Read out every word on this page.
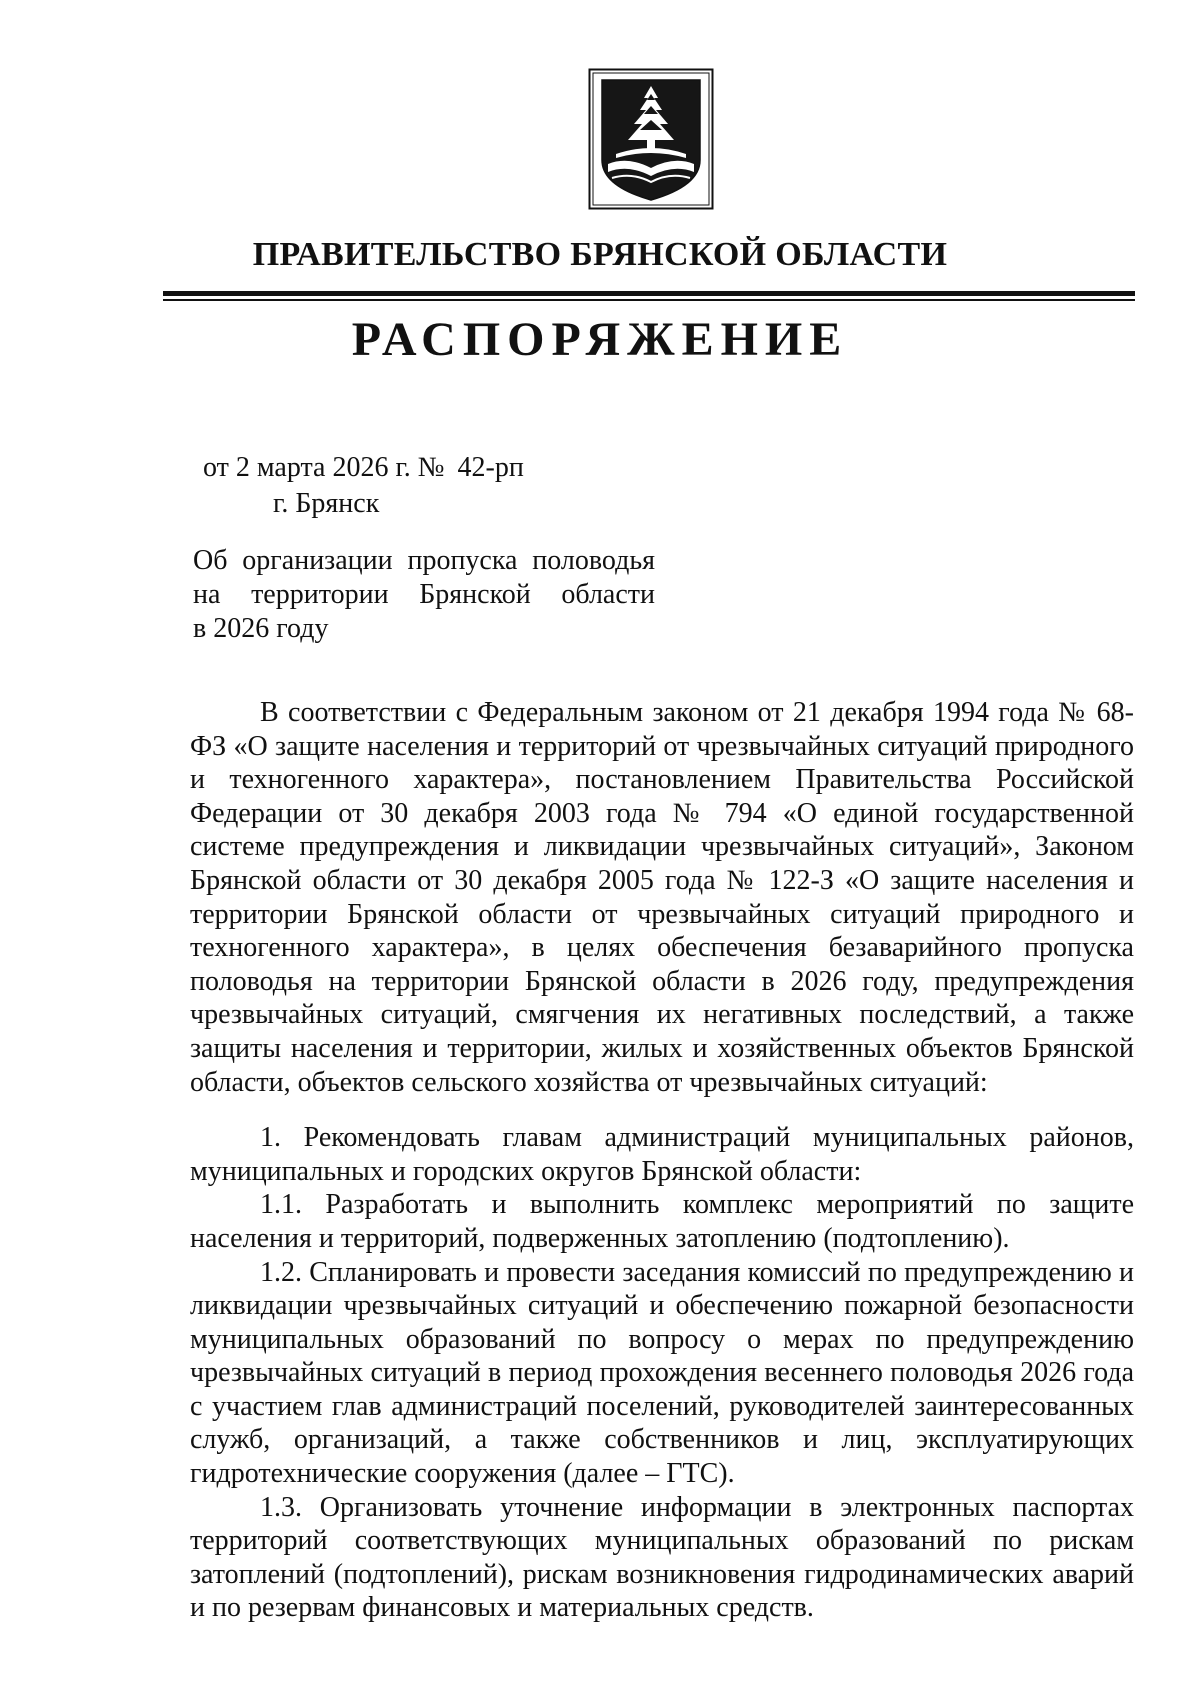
ПРАВИТЕЛЬСТВО БРЯНСКОЙ ОБЛАСТИ
РАСПОРЯЖЕНИЕ
от 2 марта 2026 г. № 42-рп
г. Брянск
Об организации пропуска половодья
на территории Брянской области
в 2026 году

В соответствии с Федеральным законом от 21 декабря 1994 года № 68-ФЗ «О защите населения и территорий от чрезвычайных ситуаций природного и техногенного характера», постановлением Правительства Российской Федерации от 30 декабря 2003 года № 794 «О единой государственной системе предупреждения и ликвидации чрезвычайных ситуаций», Законом Брянской области от 30 декабря 2005 года № 122-З «О защите населения и территории Брянской области от чрезвычайных ситуаций природного и техногенного характера», в целях обеспечения безаварийного пропуска половодья на территории Брянской области в 2026 году, предупреждения чрезвычайных ситуаций, смягчения их негативных последствий, а также защиты населения и территории, жилых и хозяйственных объектов Брянской области, объектов сельского хозяйства от чрезвычайных ситуаций:

1. Рекомендовать главам администраций муниципальных районов, муниципальных и городских округов Брянской области:

1.1. Разработать и выполнить комплекс мероприятий по защите населения и территорий, подверженных затоплению (подтоплению).

1.2. Спланировать и провести заседания комиссий по предупреждению и ликвидации чрезвычайных ситуаций и обеспечению пожарной безопасности муниципальных образований по вопросу о мерах по предупреждению чрезвычайных ситуаций в период прохождения весеннего половодья 2026 года с участием глав администраций поселений, руководителей заинтересованных служб, организаций, а также собственников и лиц, эксплуатирующих гидротехнические сооружения (далее – ГТС).

1.3. Организовать уточнение информации в электронных паспортах территорий соответствующих муниципальных образований по рискам затоплений (подтоплений), рискам возникновения гидродинамических аварий и по резервам финансовых и материальных средств.
